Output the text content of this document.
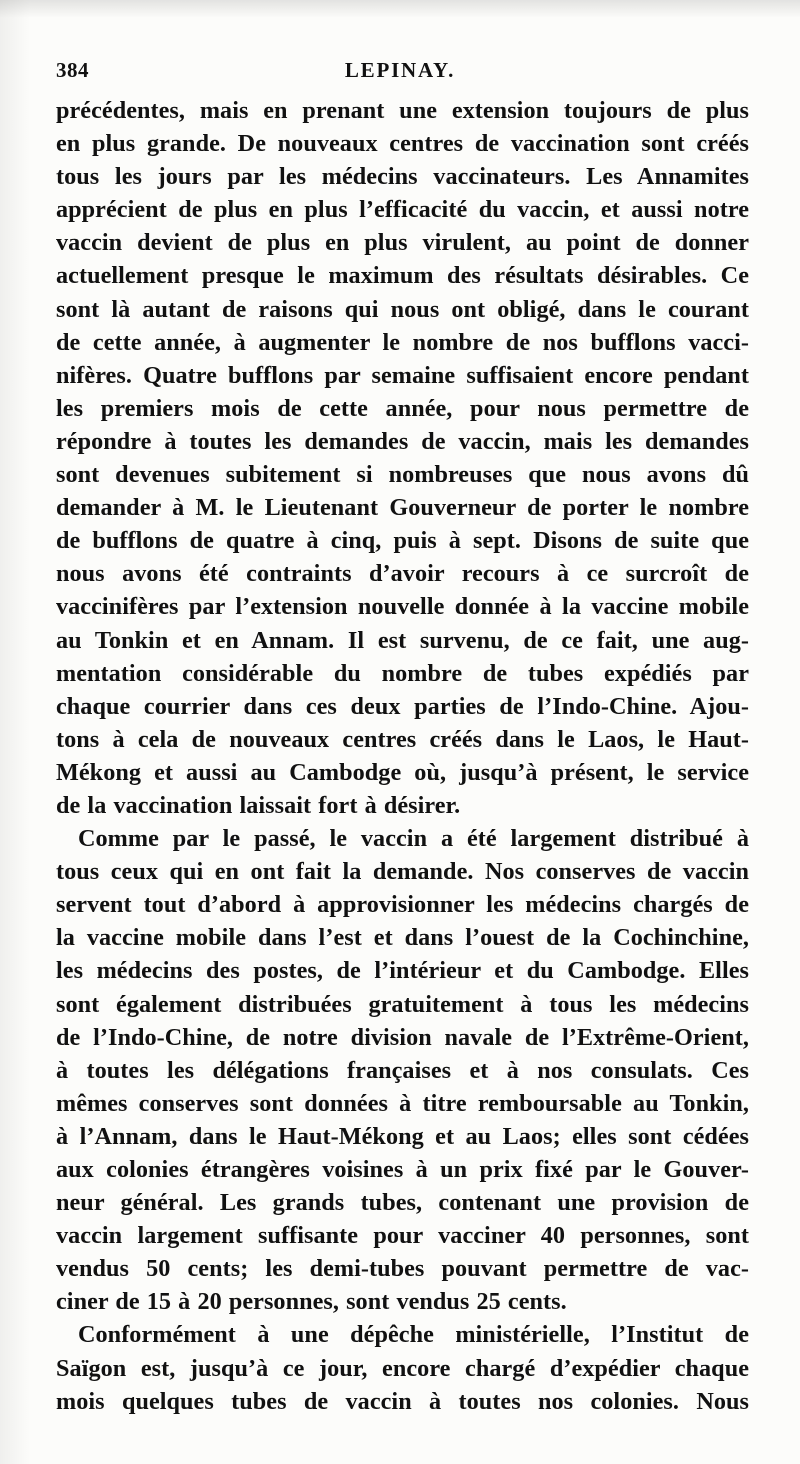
384	LEPINAY.
précédentes, mais en prenant une extension toujours de plus
en plus grande. De nouveaux centres de vaccination sont créés
tous les jours par les médecins vaccinateurs. Les Annamites
apprécient de plus en plus l’efficacité du vaccin, et aussi notre
vaccin devient de plus en plus virulent, au point de donner
actuellement presque le maximum des résultats désirables. Ce
sont là autant de raisons qui nous ont obligé, dans le courant
de cette année, à augmenter le nombre de nos bufflons vacci-
nifères. Quatre bufflons par semaine suffisaient encore pendant
les premiers mois de cette année, pour nous permettre de
répondre à toutes les demandes de vaccin, mais les demandes
sont devenues subitement si nombreuses que nous avons dû
demander à M. le Lieutenant Gouverneur de porter le nombre
de bufflons de quatre à cinq, puis à sept. Disons de suite que
nous avons été contraints d’avoir recours à ce surcroît de
vaccinifères par l’extension nouvelle donnée à la vaccine mobile
au Tonkin et en Annam. Il est survenu, de ce fait, une aug-
mentation considérable du nombre de tubes expédiés par
chaque courrier dans ces deux parties de l’Indo-Chine. Ajou-
tons à cela de nouveaux centres créés dans le Laos, le Haut-
Mékong et aussi au Cambodge où, jusqu’à présent, le service
de la vaccination laissait fort à désirer.
Comme par le passé, le vaccin a été largement distribué à
tous ceux qui en ont fait la demande. Nos conserves de vaccin
servent tout d’abord à approvisionner les médecins chargés de
la vaccine mobile dans l’est et dans l’ouest de la Cochinchine,
les médecins des postes, de l’intérieur et du Cambodge. Elles
sont également distribuées gratuitement à tous les médecins
de l’Indo-Chine, de notre division navale de l’Extrême-Orient,
à toutes les délégations françaises et à nos consulats. Ces
mêmes conserves sont données à titre remboursable au Tonkin,
à l’Annam, dans le Haut-Mékong et au Laos; elles sont cédées
aux colonies étrangères voisines à un prix fixé par le Gouver-
neur général. Les grands tubes, contenant une provision de
vaccin largement suffisante pour vacciner 40 personnes, sont
vendus 50 cents; les demi-tubes pouvant permettre de vac-
ciner de 15 à 20 personnes, sont vendus 25 cents.
Conformément à une dépêche ministérielle, l’Institut de
Saïgon est, jusqu’à ce jour, encore chargé d’expédier chaque
mois quelques tubes de vaccin à toutes nos colonies. Nous
